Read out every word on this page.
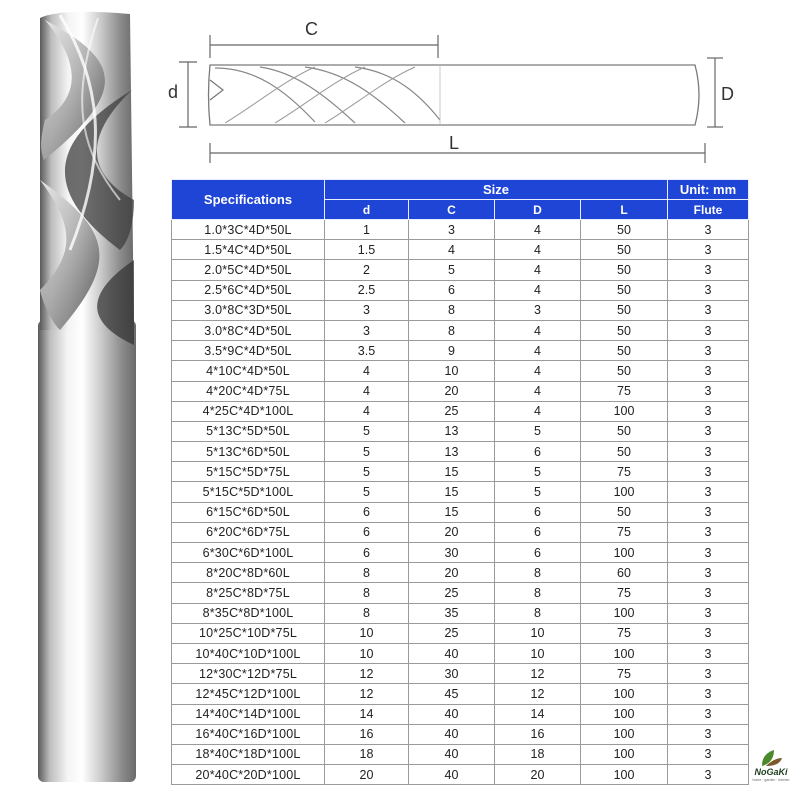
C
d	D
L
Specifications	Size				Unit: mm
	d	C	D	L	Flute
1.0*3C*4D*50L	1	3	4	50	3
1.5*4C*4D*50L	1.5	4	4	50	3
2.0*5C*4D*50L	2	5	4	50	3
2.5*6C*4D*50L	2.5	6	4	50	3
3.0*8C*3D*50L	3	8	3	50	3
3.0*8C*4D*50L	3	8	4	50	3
3.5*9C*4D*50L	3.5	9	4	50	3
4*10C*4D*50L	4	10	4	50	3
4*20C*4D*75L	4	20	4	75	3
4*25C*4D*100L	4	25	4	100	3
5*13C*5D*50L	5	13	5	50	3
5*13C*6D*50L	5	13	6	50	3
5*15C*5D*75L	5	15	5	75	3
5*15C*5D*100L	5	15	5	100	3
6*15C*6D*50L	6	15	6	50	3
6*20C*6D*75L	6	20	6	75	3
6*30C*6D*100L	6	30	6	100	3
8*20C*8D*60L	8	20	8	60	3
8*25C*8D*75L	8	25	8	75	3
8*35C*8D*100L	8	35	8	100	3
10*25C*10D*75L	10	25	10	75	3
10*40C*10D*100L	10	40	10	100	3
12*30C*12D*75L	12	30	12	75	3
12*45C*12D*100L	12	45	12	100	3
14*40C*14D*100L	14	40	14	100	3
16*40C*16D*100L	16	40	16	100	3
18*40C*18D*100L	18	40	18	100	3
20*40C*20D*100L	20	40	20	100	3	NoGaKi
home · garden · kitchen
